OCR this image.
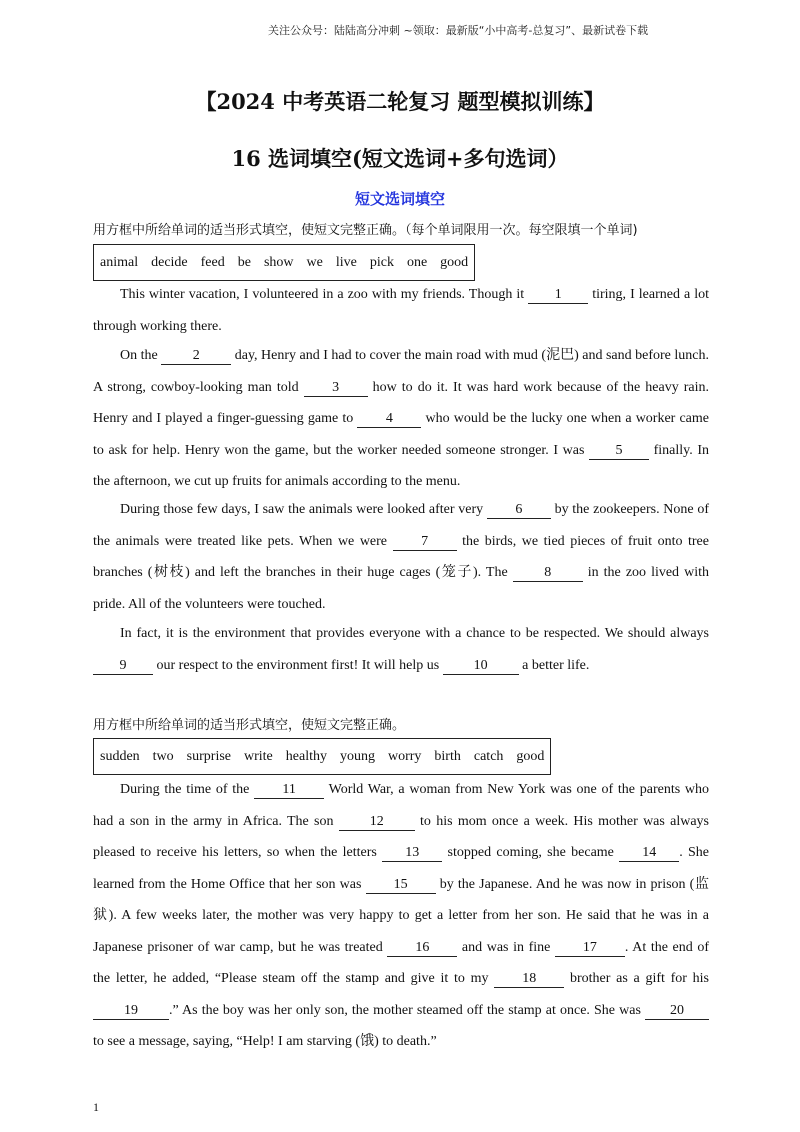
关注公众号：陆陆高分冲刺 ~领取：最新版“小中高考-总复习”、最新试卷下载
【2024 中考英语二轮复习 题型模拟训练】
16 选词填空(短文选词+多句选词）
短文选词填空
用方框中所给单词的适当形式填空，使短文完整正确。（每个单词限用一次。每空限填一个单词)
animal decide feed be show we live pick one good
This winter vacation, I volunteered in a zoo with my friends. Though it 1 tiring, I learned a lot through working there.
On the 2 day, Henry and I had to cover the main road with mud (泥巴) and sand before lunch. A strong, cowboy-looking man told 3 how to do it. It was hard work because of the heavy rain. Henry and I played a finger-guessing game to 4 who would be the lucky one when a worker came to ask for help. Henry won the game, but the worker needed someone stronger. I was 5 finally. In the afternoon, we cut up fruits for animals according to the menu.
During those few days, I saw the animals were looked after very 6 by the zookeepers. None of the animals were treated like pets. When we were 7 the birds, we tied pieces of fruit onto tree branches (树枝) and left the branches in their huge cages (笼子). The 8 in the zoo lived with pride. All of the volunteers were touched.
In fact, it is the environment that provides everyone with a chance to be respected. We should always 9 our respect to the environment first! It will help us 10 a better life.
用方框中所给单词的适当形式填空，使短文完整正确。
sudden two surprise write healthy young worry birth catch good
During the time of the 11 World War, a woman from New York was one of the parents who had a son in the army in Africa. The son 12 to his mom once a week. His mother was always pleased to receive his letters, so when the letters 13 stopped coming, she became 14 . She learned from the Home Office that her son was 15 by the Japanese. And he was now in prison (监狱). A few weeks later, the mother was very happy to get a letter from her son. He said that he was in a Japanese prisoner of war camp, but he was treated 16 and was in fine 17 . At the end of the letter, he added, “Please steam off the stamp and give it to my 18 brother as a gift for his 19 .” As the boy was her only son, the mother steamed off the stamp at once. She was 20 to see a message, saying, “Help! I am starving (饿) to death.”
1
